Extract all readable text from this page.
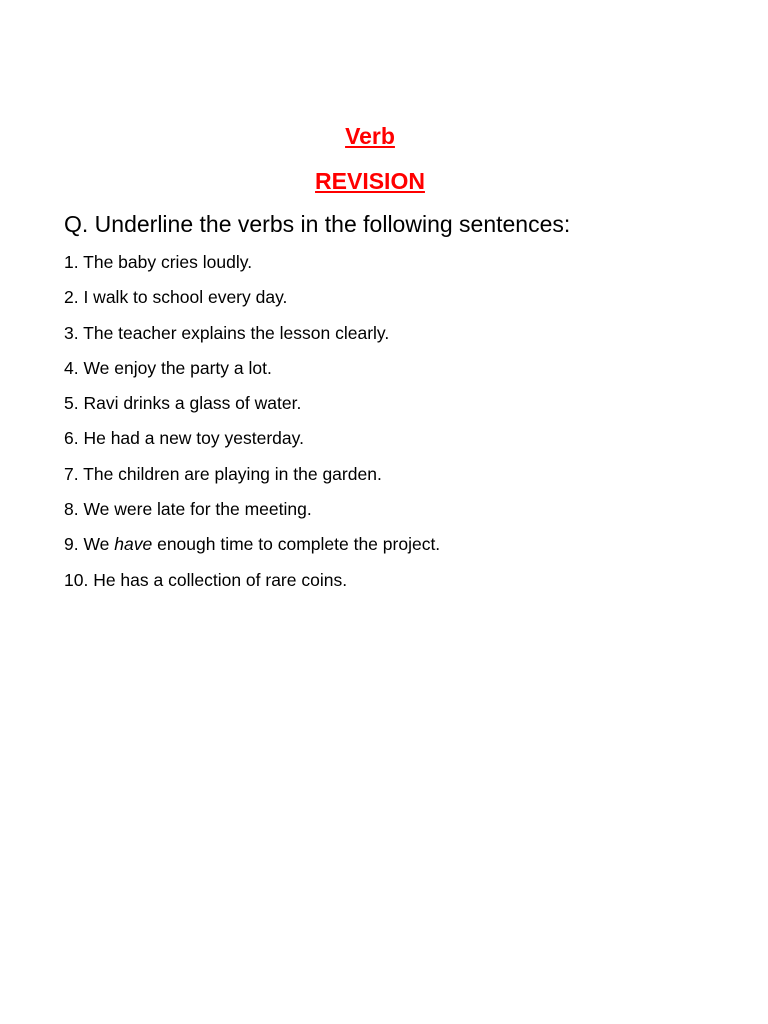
Verb
REVISION

Q. Underline the verbs in the following sentences:

1. The baby cries loudly.
2. I walk to school every day.
3. The teacher explains the lesson clearly.
4. We enjoy the party a lot.
5. Ravi drinks a glass of water.
6. He had a new toy yesterday.
7. The children are playing in the garden.
8. We were late for the meeting.
9. We have enough time to complete the project.
10. He has a collection of rare coins.
